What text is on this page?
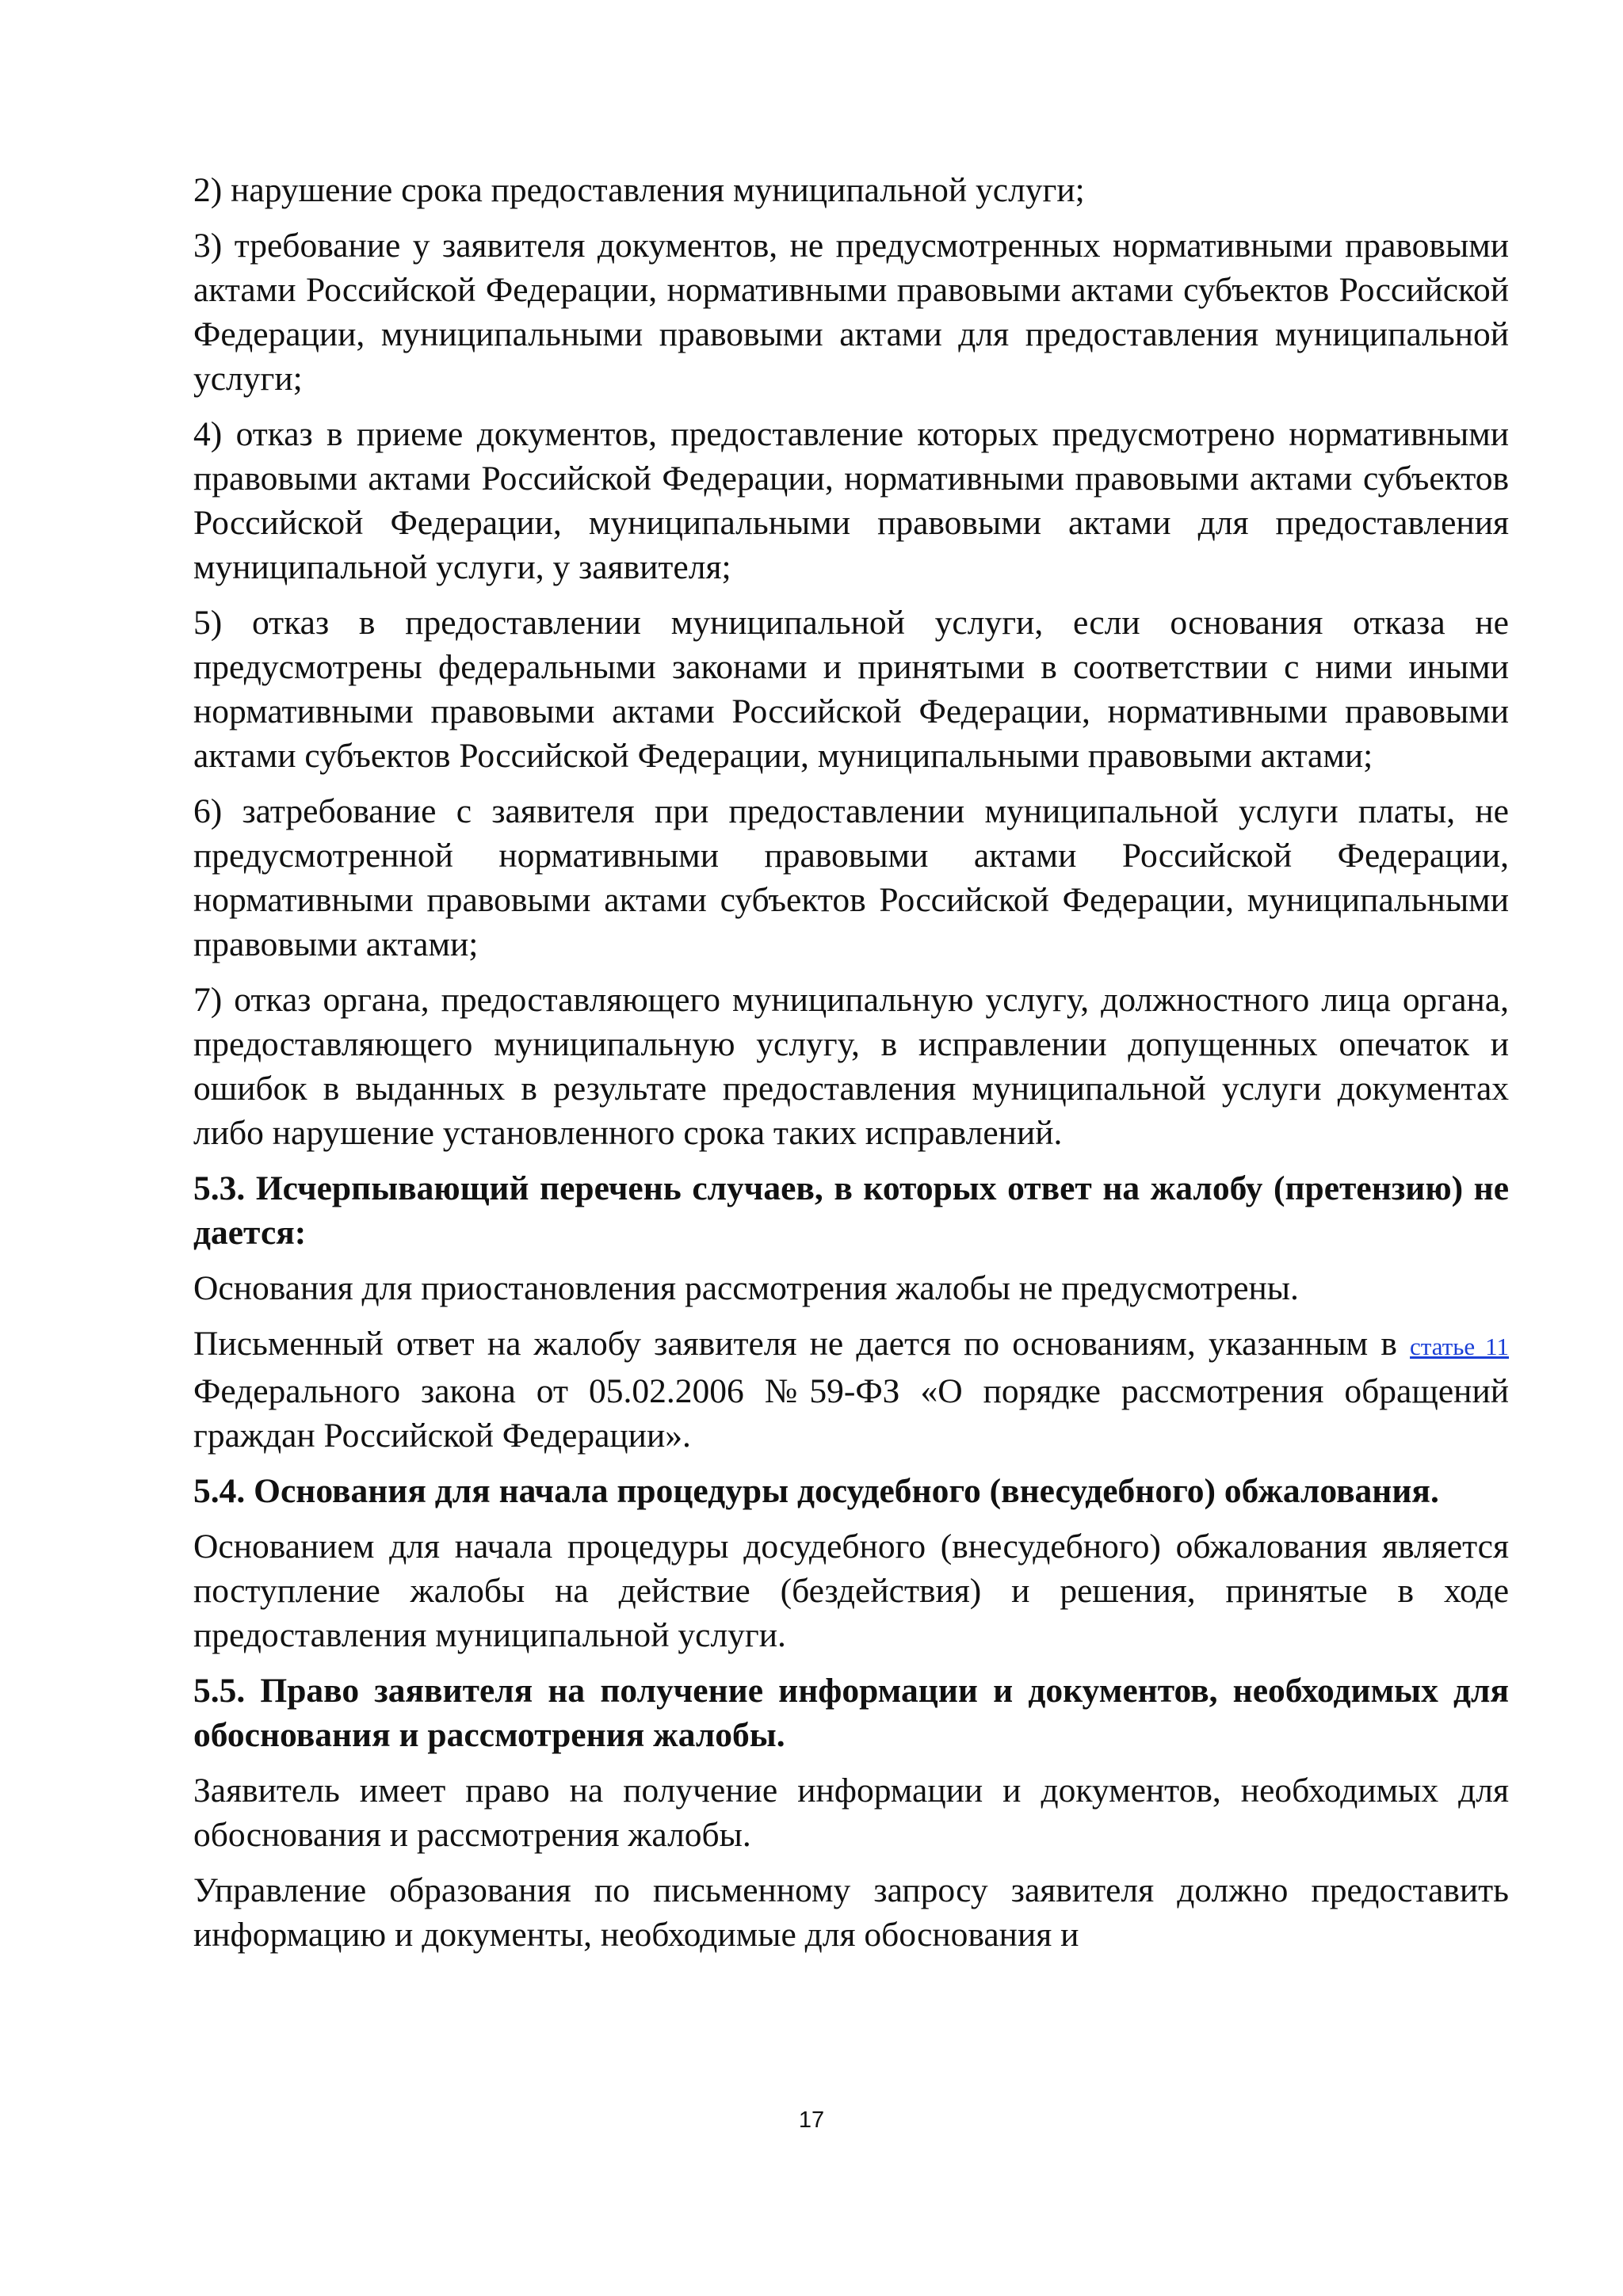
2) нарушение срока предоставления муниципальной услуги;

3) требование у заявителя документов, не предусмотренных нормативными правовыми актами Российской Федерации, нормативными правовыми актами субъектов Российской Федерации, муниципальными правовыми актами для предоставления муниципальной услуги;

4) отказ в приеме документов, предоставление которых предусмотрено нормативными правовыми актами Российской Федерации, нормативными правовыми актами субъектов Российской Федерации, муниципальными правовыми актами для предоставления муниципальной услуги, у заявителя;

5) отказ в предоставлении муниципальной услуги, если основания отказа не предусмотрены федеральными законами и принятыми в соответствии с ними иными нормативными правовыми актами Российской Федерации, нормативными правовыми актами субъектов Российской Федерации, муниципальными правовыми актами;

6) затребование с заявителя при предоставлении муниципальной услуги платы, не предусмотренной нормативными правовыми актами Российской Федерации, нормативными правовыми актами субъектов Российской Федерации, муниципальными правовыми актами;

7) отказ органа, предоставляющего муниципальную услугу, должностного лица органа, предоставляющего муниципальную услугу, в исправлении допущенных опечаток и ошибок в выданных в результате предоставления муниципальной услуги документах либо нарушение установленного срока таких исправлений.

5.3. Исчерпывающий перечень случаев, в которых ответ на жалобу (претензию) не дается:

Основания для приостановления рассмотрения жалобы не предусмотрены.

Письменный ответ на жалобу заявителя не дается по основаниям, указанным в статье 11 Федерального закона от 05.02.2006 №59-ФЗ «О порядке рассмотрения обращений граждан Российской Федерации».

5.4. Основания для начала процедуры досудебного (внесудебного) обжалования.

Основанием для начала процедуры досудебного (внесудебного) обжалования является поступление жалобы на действие (бездействия) и решения, принятые в ходе предоставления муниципальной услуги.

5.5. Право заявителя на получение информации и документов, необходимых для обоснования и рассмотрения жалобы.

Заявитель имеет право на получение информации и документов, необходимых для обоснования и рассмотрения жалобы.

Управление образования по письменному запросу заявителя должно предоставить информацию и документы, необходимые для обоснования и

17
